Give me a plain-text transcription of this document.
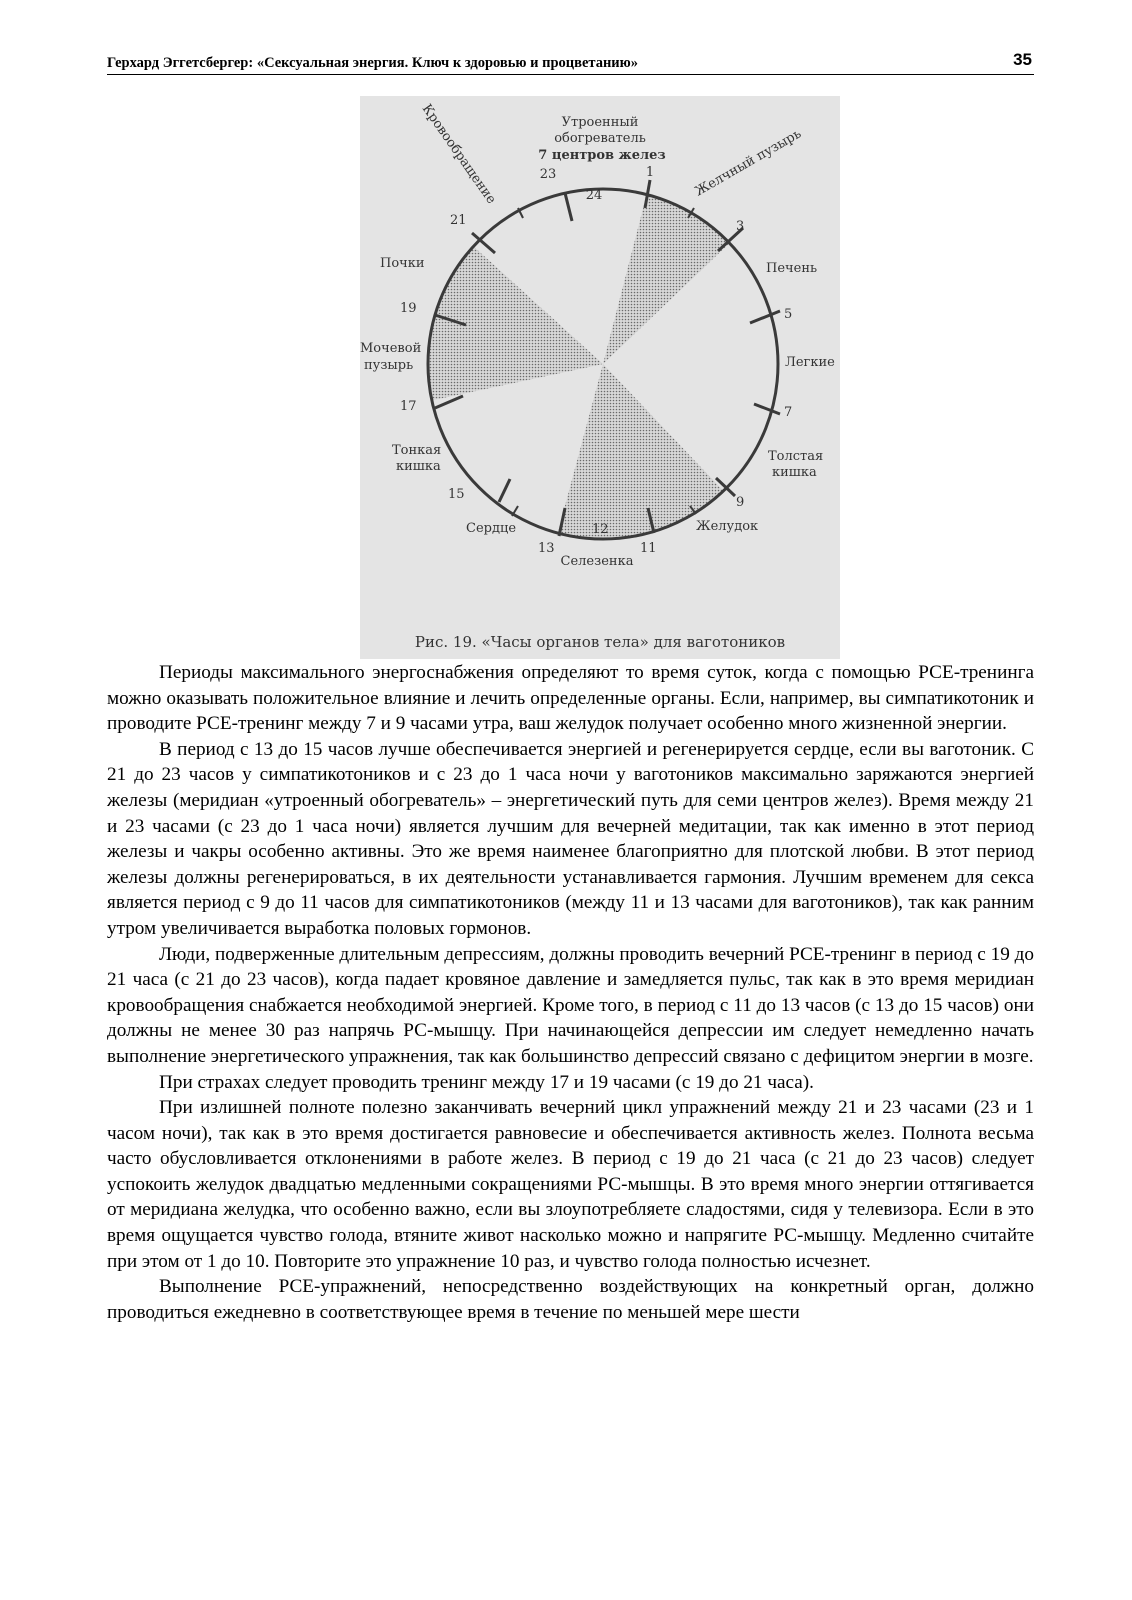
Герхард Эггетсбергер: «Сексуальная энергия. Ключ к здоровью и процветанию»	35
Утроенный
обогреватель
7 центров желез
23
24
1	Желчный пузырь
Кровообращение
3
Печень
5
Легкие
7
Толстая
кишка
9
Желудок
11
12
13
Селезенка
Сердце
15
Тонкая
кишка
17
Мочевой
пузырь
19
Почки
21
Рис. 19. «Часы органов тела» для ваготоников

Периоды максимального энергоснабжения определяют то время суток, когда с помощью РСЕ-тренинга можно оказывать положительное влияние и лечить определенные органы. Если, например, вы симпатикотоник и проводите РСЕ-тренинг между 7 и 9 часами утра, ваш желудок получает особенно много жизненной энергии.

В период с 13 до 15 часов лучше обеспечивается энергией и регенерируется сердце, если вы ваготоник. С 21 до 23 часов у симпатикотоников и с 23 до 1 часа ночи у ваготоников максимально заряжаются энергией железы (меридиан «утроенный обогреватель» – энергетический путь для семи центров желез). Время между 21 и 23 часами (с 23 до 1 часа ночи) является лучшим для вечерней медитации, так как именно в этот период железы и чакры особенно активны. Это же время наименее благоприятно для плотской любви. В этот период железы должны регенерироваться, в их деятельности устанавливается гармония. Лучшим временем для секса является период с 9 до 11 часов для симпатикотоников (между 11 и 13 часами для ваготоников), так как ранним утром увеличивается выработка половых гормонов.

Люди, подверженные длительным депрессиям, должны проводить вечерний РСЕ-тренинг в период с 19 до 21 часа (с 21 до 23 часов), когда падает кровяное давление и замедляется пульс, так как в это время меридиан кровообращения снабжается необходимой энергией. Кроме того, в период с 11 до 13 часов (с 13 до 15 часов) они должны не менее 30 раз напрячь РС-мышцу. При начинающейся депрессии им следует немедленно начать выполнение энергетического упражнения, так как большинство депрессий связано с дефицитом энергии в мозге.

При страхах следует проводить тренинг между 17 и 19 часами (с 19 до 21 часа).

При излишней полноте полезно заканчивать вечерний цикл упражнений между 21 и 23 часами (23 и 1 часом ночи), так как в это время достигается равновесие и обеспечивается активность желез. Полнота весьма часто обусловливается отклонениями в работе желез. В период с 19 до 21 часа (с 21 до 23 часов) следует успокоить желудок двадцатью медленными сокращениями РС-мышцы. В это время много энергии оттягивается от меридиана желудка, что особенно важно, если вы злоупотребляете сладостями, сидя у телевизора. Если в это время ощущается чувство голода, втяните живот насколько можно и напрягите РС-мышцу. Медленно считайте при этом от 1 до 10. Повторите это упражнение 10 раз, и чувство голода полностью исчезнет.

Выполнение РСЕ-упражнений, непосредственно воздействующих на конкретный орган, должно проводиться ежедневно в соответствующее время в течение по меньшей мере шести
